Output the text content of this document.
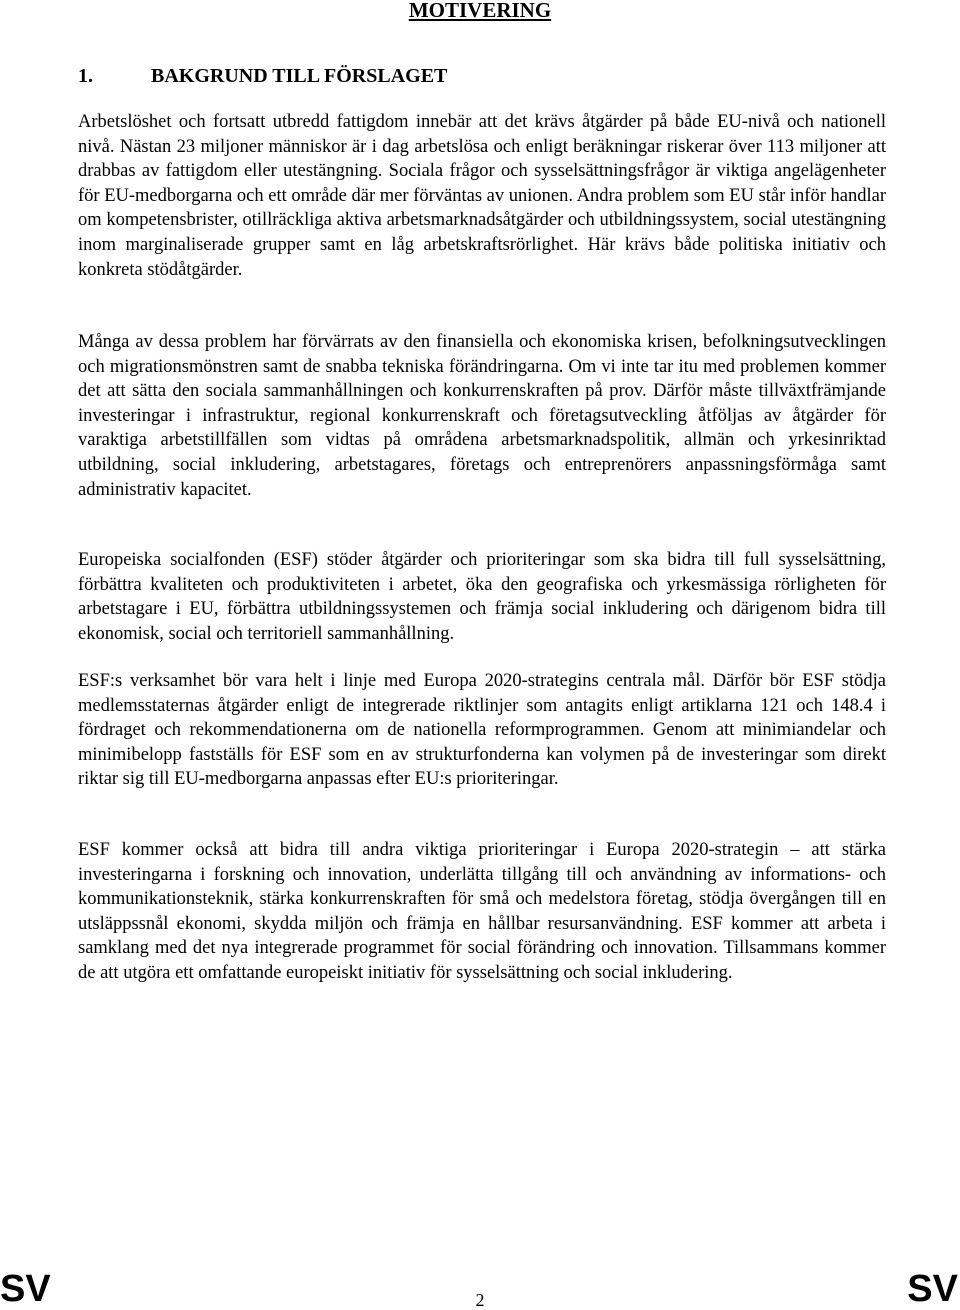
MOTIVERING
1.	BAKGRUND TILL FÖRSLAGET

Arbetslöshet och fortsatt utbredd fattigdom innebär att det krävs åtgärder på både EU-nivå och nationell nivå. Nästan 23 miljoner människor är i dag arbetslösa och enligt beräkningar riskerar över 113 miljoner att drabbas av fattigdom eller utestängning. Sociala frågor och sysselsättningsfrågor är viktiga angelägenheter för EU-medborgarna och ett område där mer förväntas av unionen. Andra problem som EU står inför handlar om kompetensbrister, otillräckliga aktiva arbetsmarknadsåtgärder och utbildningssystem, social utestängning inom marginaliserade grupper samt en låg arbetskraftsrörlighet. Här krävs både politiska initiativ och konkreta stödåtgärder.

Många av dessa problem har förvärrats av den finansiella och ekonomiska krisen, befolkningsutvecklingen och migrationsmönstren samt de snabba tekniska förändringarna. Om vi inte tar itu med problemen kommer det att sätta den sociala sammanhållningen och konkurrenskraften på prov. Därför måste tillväxtfrämjande investeringar i infrastruktur, regional konkurrenskraft och företagsutveckling åtföljas av åtgärder för varaktiga arbetstillfällen som vidtas på områdena arbetsmarknadspolitik, allmän och yrkesinriktad utbildning, social inkludering, arbetstagares, företags och entreprenörers anpassningsförmåga samt administrativ kapacitet.

Europeiska socialfonden (ESF) stöder åtgärder och prioriteringar som ska bidra till full sysselsättning, förbättra kvaliteten och produktiviteten i arbetet, öka den geografiska och yrkesmässiga rörligheten för arbetstagare i EU, förbättra utbildningssystemen och främja social inkludering och därigenom bidra till ekonomisk, social och territoriell sammanhållning.

ESF:s verksamhet bör vara helt i linje med Europa 2020-strategins centrala mål. Därför bör ESF stödja medlemsstaternas åtgärder enligt de integrerade riktlinjer som antagits enligt artiklarna 121 och 148.4 i fördraget och rekommendationerna om de nationella reformprogrammen. Genom att minimiandelar och minimibelopp fastställs för ESF som en av strukturfonderna kan volymen på de investeringar som direkt riktar sig till EU-medborgarna anpassas efter EU:s prioriteringar.

ESF kommer också att bidra till andra viktiga prioriteringar i Europa 2020-strategin – att stärka investeringarna i forskning och innovation, underlätta tillgång till och användning av informations- och kommunikationsteknik, stärka konkurrenskraften för små och medelstora företag, stödja övergången till en utsläppssnål ekonomi, skydda miljön och främja en hållbar resursanvändning. ESF kommer att arbeta i samklang med det nya integrerade programmet för social förändring och innovation. Tillsammans kommer de att utgöra ett omfattande europeiskt initiativ för sysselsättning och social inkludering.

SV	2	SV
